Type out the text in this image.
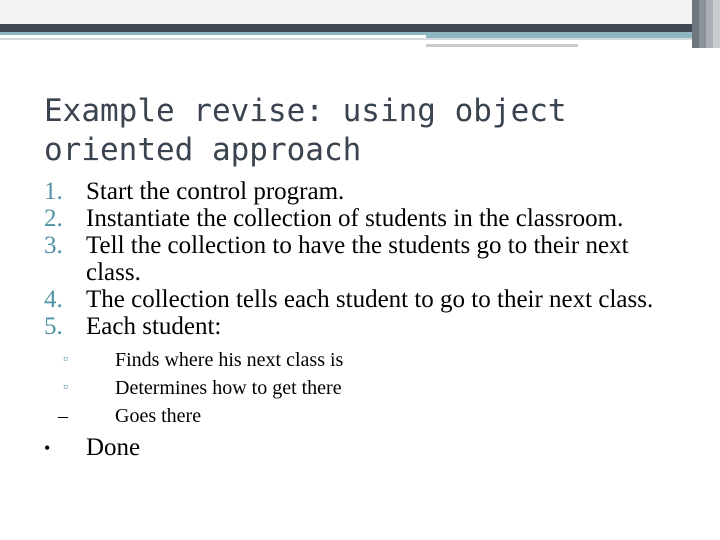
Example revise: using object oriented approach
1. Start the control program.
2. Instantiate the collection of students in the classroom.
3. Tell the collection to have the students go to their next class.
4. The collection tells each student to go to their next class.
5. Each student:
▫ Finds where his next class is
▫ Determines how to get there
– Goes there
• Done
